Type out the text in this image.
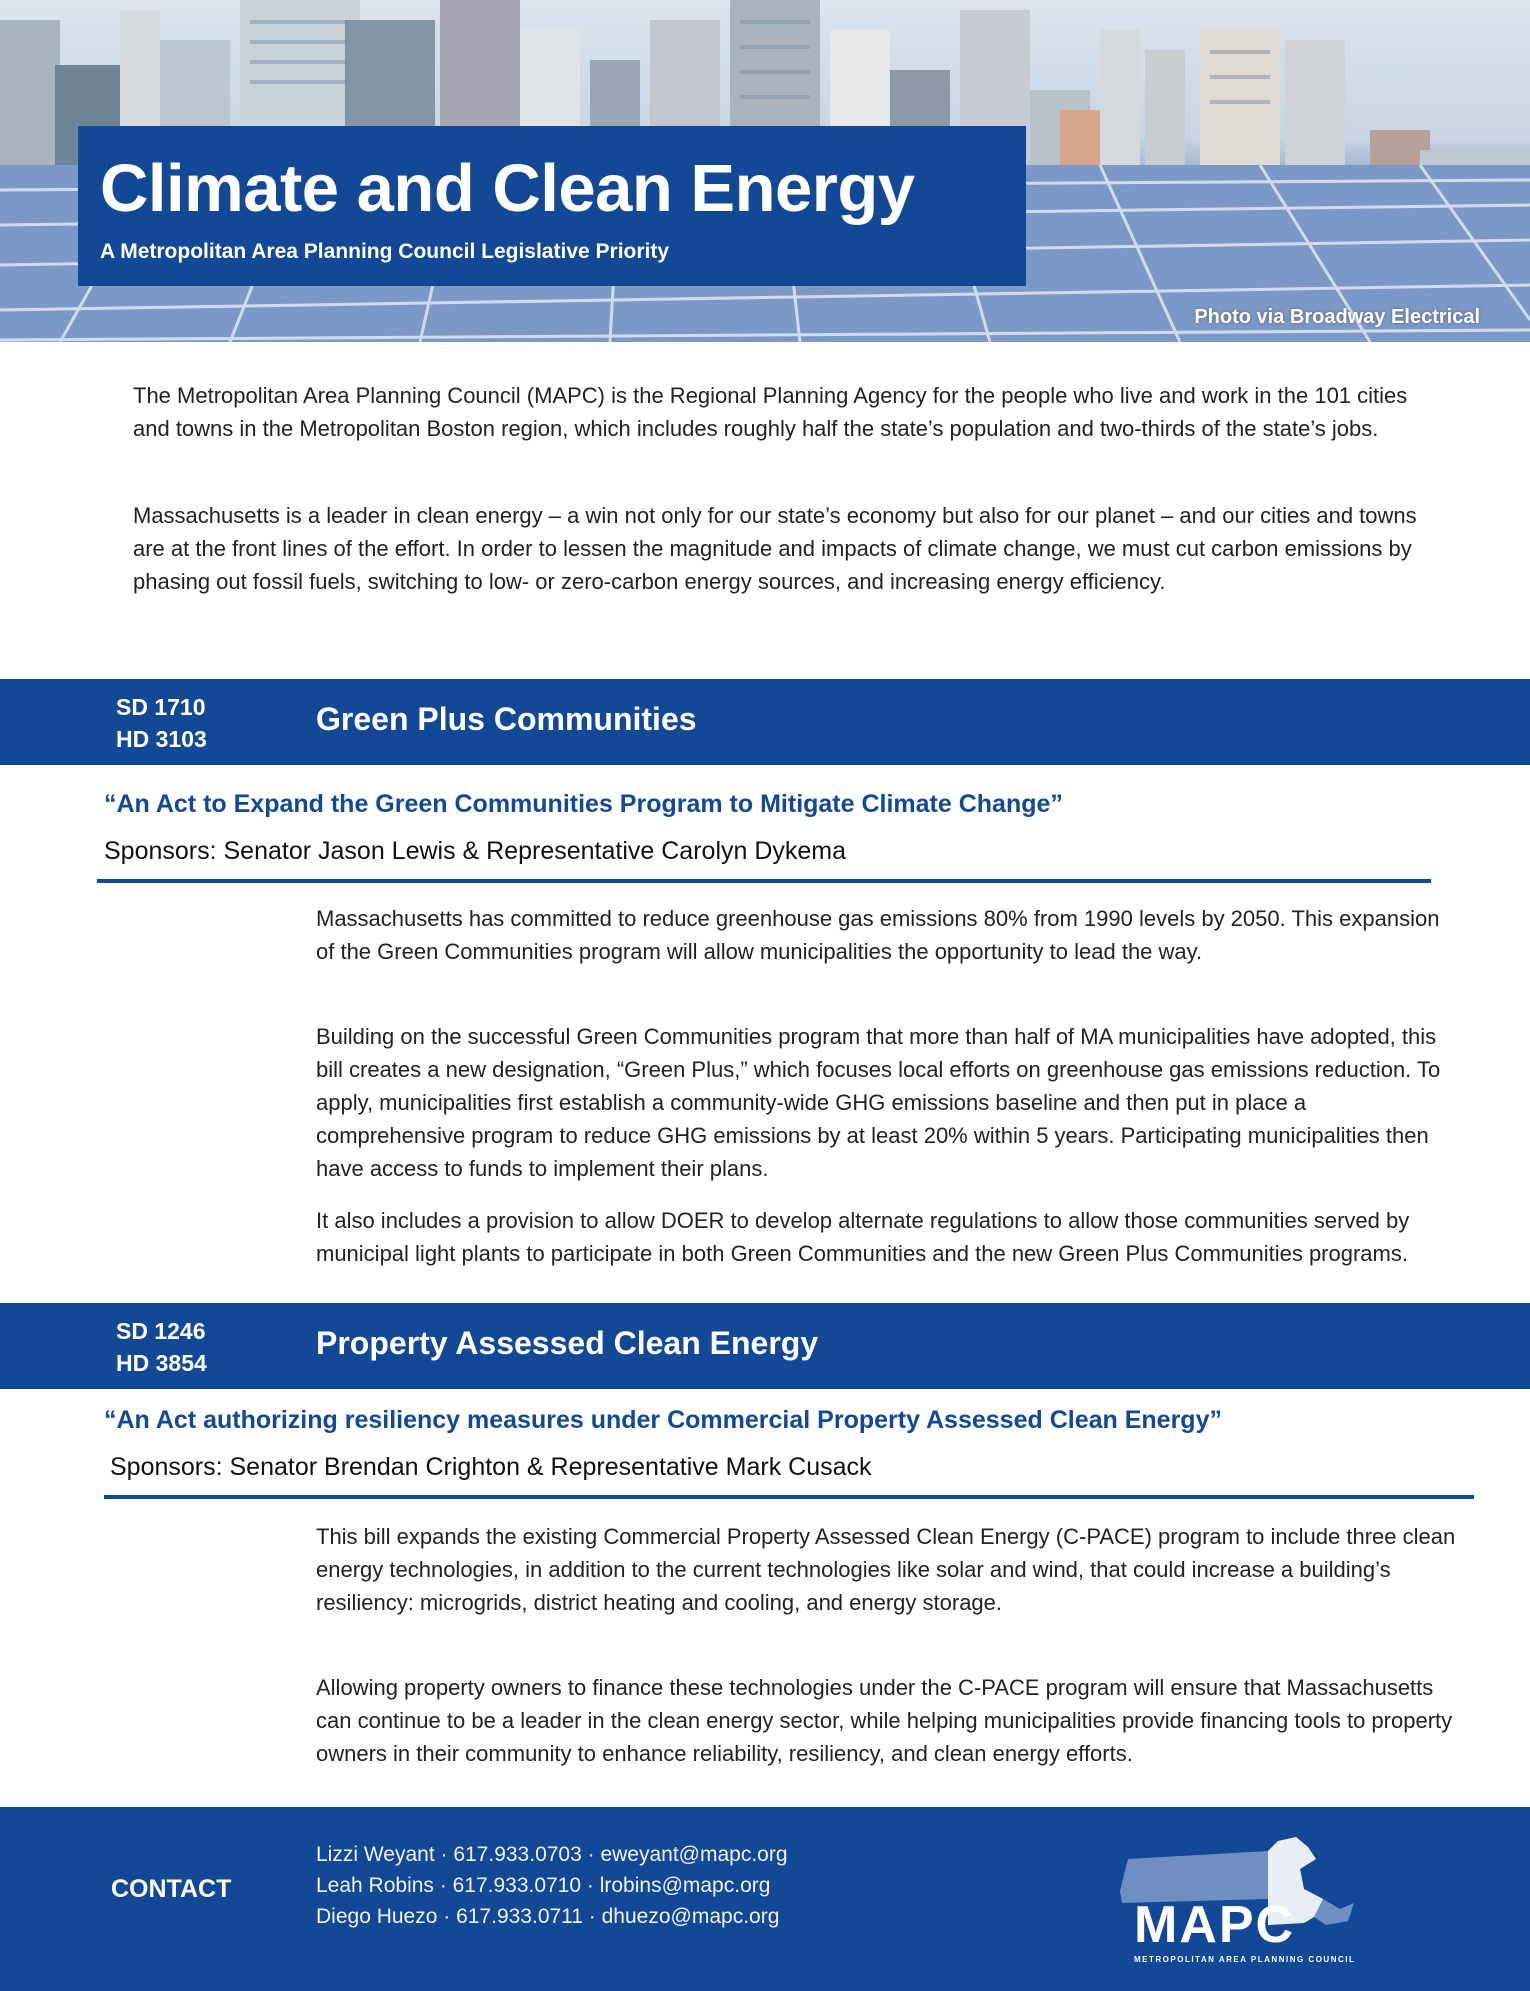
Climate and Clean Energy
A Metropolitan Area Planning Council Legislative Priority
Photo via Broadway Electrical

The Metropolitan Area Planning Council (MAPC) is the Regional Planning Agency for the people who live and work in the 101 cities and towns in the Metropolitan Boston region, which includes roughly half the state’s population and two-thirds of the state’s jobs.

Massachusetts is a leader in clean energy – a win not only for our state’s economy but also for our planet – and our cities and towns are at the front lines of the effort. In order to lessen the magnitude and impacts of climate change, we must cut carbon emissions by phasing out fossil fuels, switching to low- or zero-carbon energy sources, and increasing energy efficiency.

SD 1710
HD 3103
Green Plus Communities
“An Act to Expand the Green Communities Program to Mitigate Climate Change”
Sponsors: Senator Jason Lewis & Representative Carolyn Dykema

Massachusetts has committed to reduce greenhouse gas emissions 80% from 1990 levels by 2050. This expansion of the Green Communities program will allow municipalities the opportunity to lead the way.

Building on the successful Green Communities program that more than half of MA municipalities have adopted, this bill creates a new designation, “Green Plus,” which focuses local efforts on greenhouse gas emissions reduction. To apply, municipalities first establish a community-wide GHG emissions baseline and then put in place a comprehensive program to reduce GHG emissions by at least 20% within 5 years. Participating municipalities then have access to funds to implement their plans.

It also includes a provision to allow DOER to develop alternate regulations to allow those communities served by municipal light plants to participate in both Green Communities and the new Green Plus Communities programs.

SD 1246
HD 3854
Property Assessed Clean Energy
“An Act authorizing resiliency measures under Commercial Property Assessed Clean Energy”
Sponsors: Senator Brendan Crighton & Representative Mark Cusack

This bill expands the existing Commercial Property Assessed Clean Energy (C-PACE) program to include three clean energy technologies, in addition to the current technologies like solar and wind, that could increase a building’s resiliency: microgrids, district heating and cooling, and energy storage.

Allowing property owners to finance these technologies under the C-PACE program will ensure that Massachusetts can continue to be a leader in the clean energy sector, while helping municipalities provide financing tools to property owners in their community to enhance reliability, resiliency, and clean energy efforts.

CONTACT
Lizzi Weyant · 617.933.0703 · eweyant@mapc.org
Leah Robins · 617.933.0710 · lrobins@mapc.org
Diego Huezo · 617.933.0711 · dhuezo@mapc.org	MAPC
METROPOLITAN AREA PLANNING COUNCIL
